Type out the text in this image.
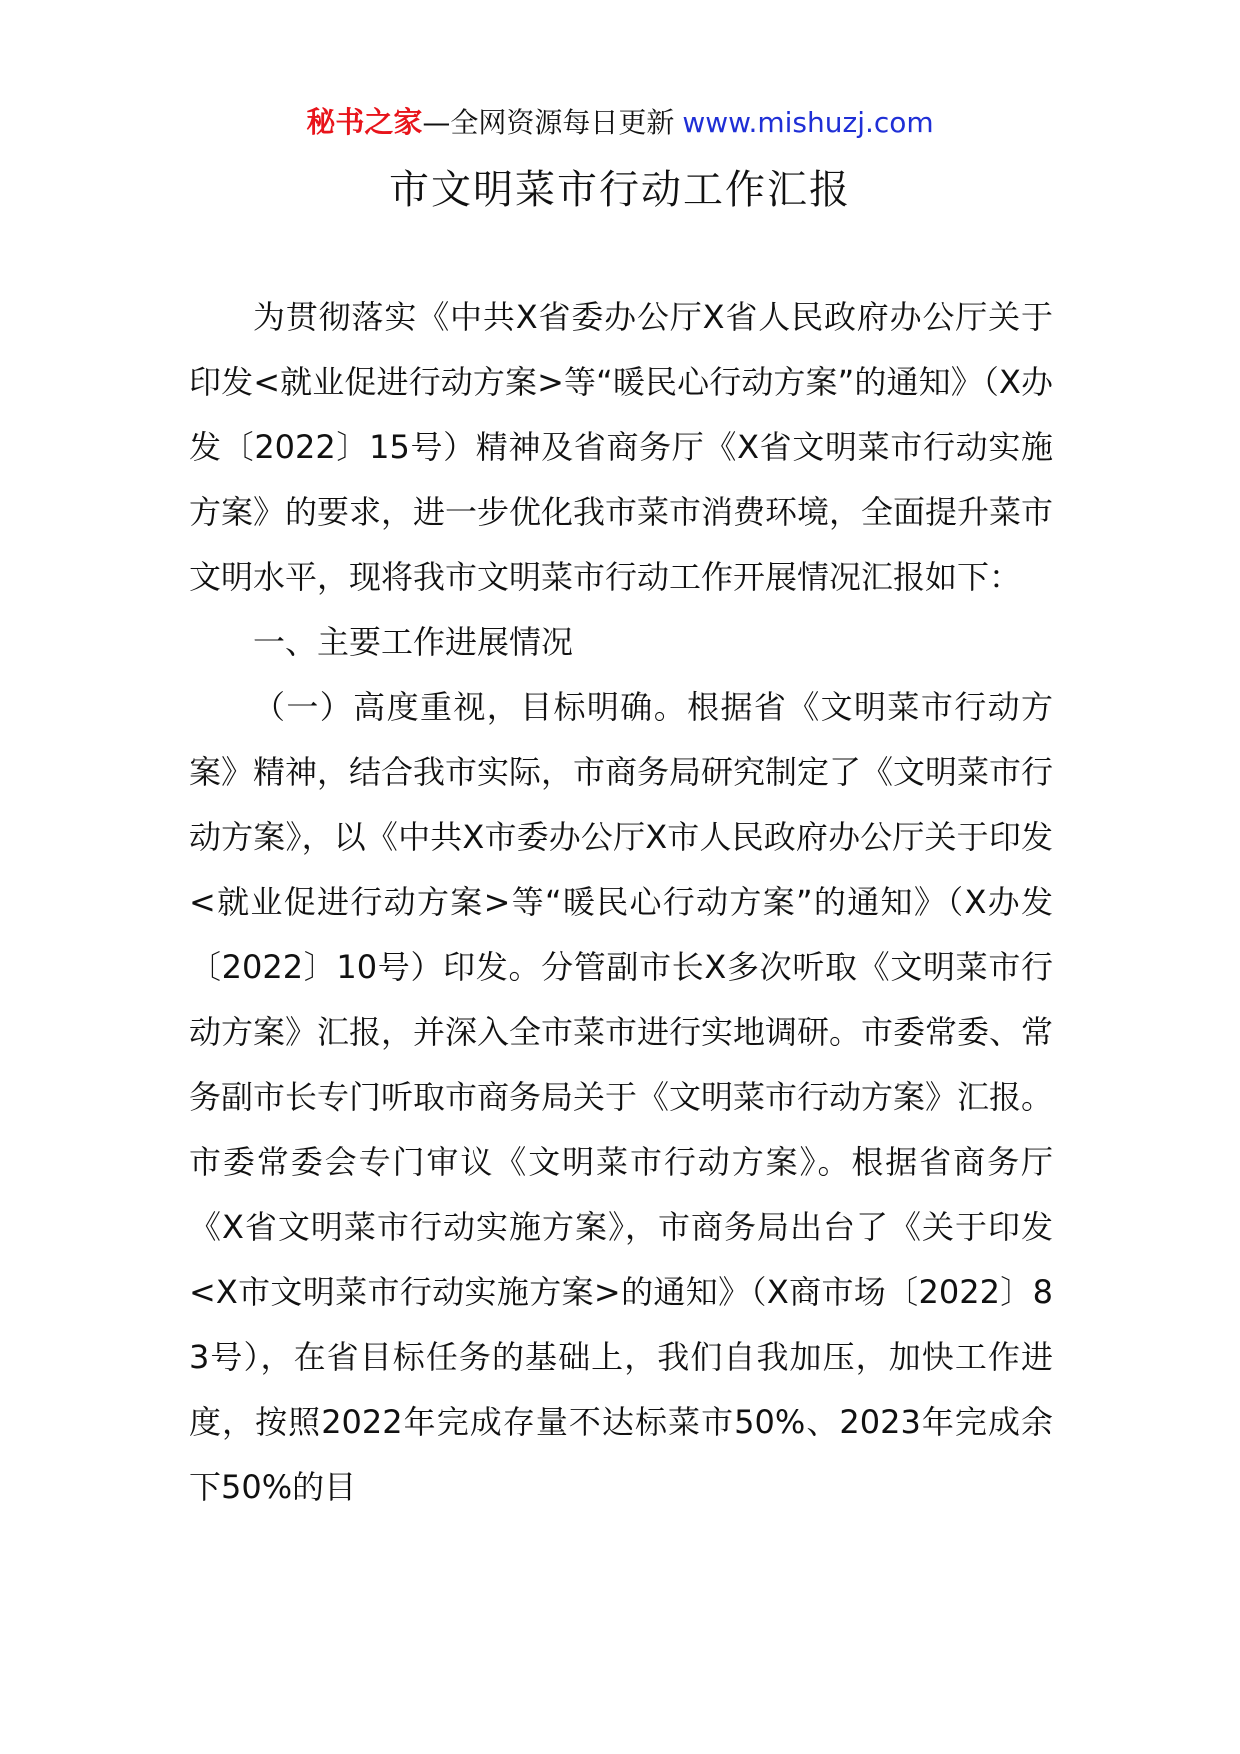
秘书之家—全网资源每日更新 www.mishuzj.com
市文明菜市行动工作汇报

为贯彻落实《中共X省委办公厅X省人民政府办公厅关于印发<就业促进行动方案>等“暖民心行动方案”的通知》（X办发〔2022〕15号）精神及省商务厅《X省文明菜市行动实施方案》的要求，进一步优化我市菜市消费环境，全面提升菜市文明水平，现将我市文明菜市行动工作开展情况汇报如下：

一、主要工作进展情况

（一）高度重视，目标明确。根据省《文明菜市行动方案》精神，结合我市实际，市商务局研究制定了《文明菜市行动方案》，以《中共X市委办公厅X市人民政府办公厅关于印发<就业促进行动方案>等“暖民心行动方案”的通知》（X办发〔2022〕10号）印发。分管副市长X多次听取《文明菜市行动方案》汇报，并深入全市菜市进行实地调研。市委常委、常务副市长专门听取市商务局关于《文明菜市行动方案》汇报。市委常委会专门审议《文明菜市行动方案》。根据省商务厅《X省文明菜市行动实施方案》，市商务局出台了《关于印发<X市文明菜市行动实施方案>的通知》（X商市场〔2022〕83号），在省目标任务的基础上，我们自我加压，加快工作进度，按照2022年完成存量不达标菜市50%、2023年完成余下50%的目
